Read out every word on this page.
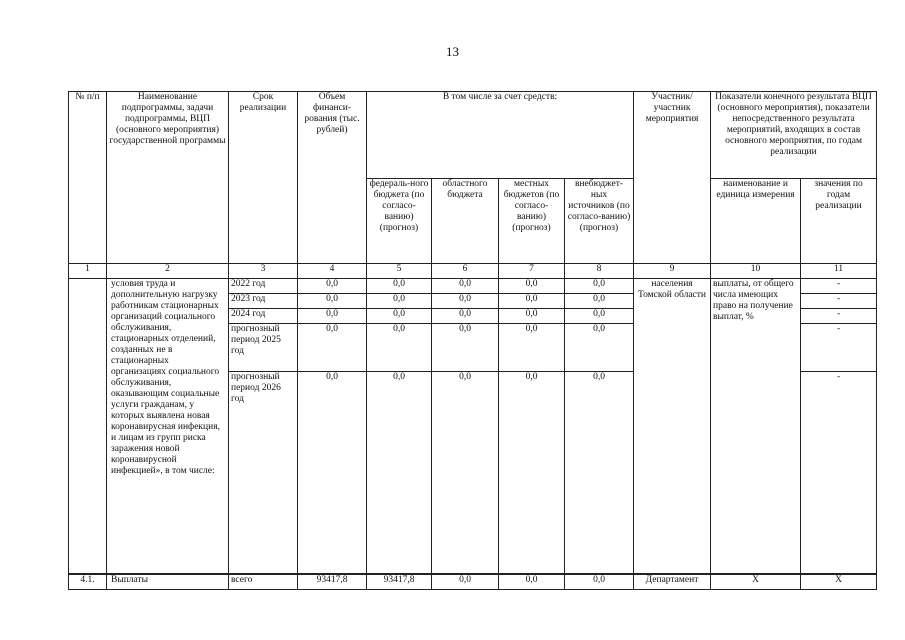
13
№ п/п	Наименование подпрограммы, задачи подпрограммы, ВЦП (основного мероприятия) государственной программы	Срок реализации	Объем финанси-рования (тыс. рублей)	В том числе за счет средств:				Участник/ участник мероприятия	Показатели конечного результата ВЦП (основного мероприятия), показатели непосредственного результата мероприятий, входящих в состав основного мероприятия, по годам реализации	
				федераль-ного бюджета (по согласо-ванию) (прогноз)	областного бюджета	местных бюджетов (по согласо-ванию) (прогноз)	внебюджет-ных источников (по согласо-ванию) (прогноз)		наименование и единица измерения	значения по годам реализации
1	2	3	4	5	6	7	8	9	10	11
	условия труда и дополнительную нагрузку работникам стационарных организаций социального обслуживания, стационарных отделений, созданных не в стационарных организациях социального обслуживания, оказывающим социальные услуги гражданам, у которых выявлена новая коронавирусная инфекция, и лицам из групп риска заражения новой коронавирусной инфекцией», в том числе:	2022 год	0,0	0,0	0,0	0,0	0,0	населения Томской области	выплаты, от общего числа имеющих право на получение выплат, %	-
		2023 год	0,0	0,0	0,0	0,0	0,0			-
		2024 год	0,0	0,0	0,0	0,0	0,0			-
		прогнозный период 2025 год	0,0	0,0	0,0	0,0	0,0			-
		прогнозный период 2026 год	0,0	0,0	0,0	0,0	0,0			-
4.1.	Выплаты	всего	93417,8	93417,8	0,0	0,0	0,0	Департамент	X	X
